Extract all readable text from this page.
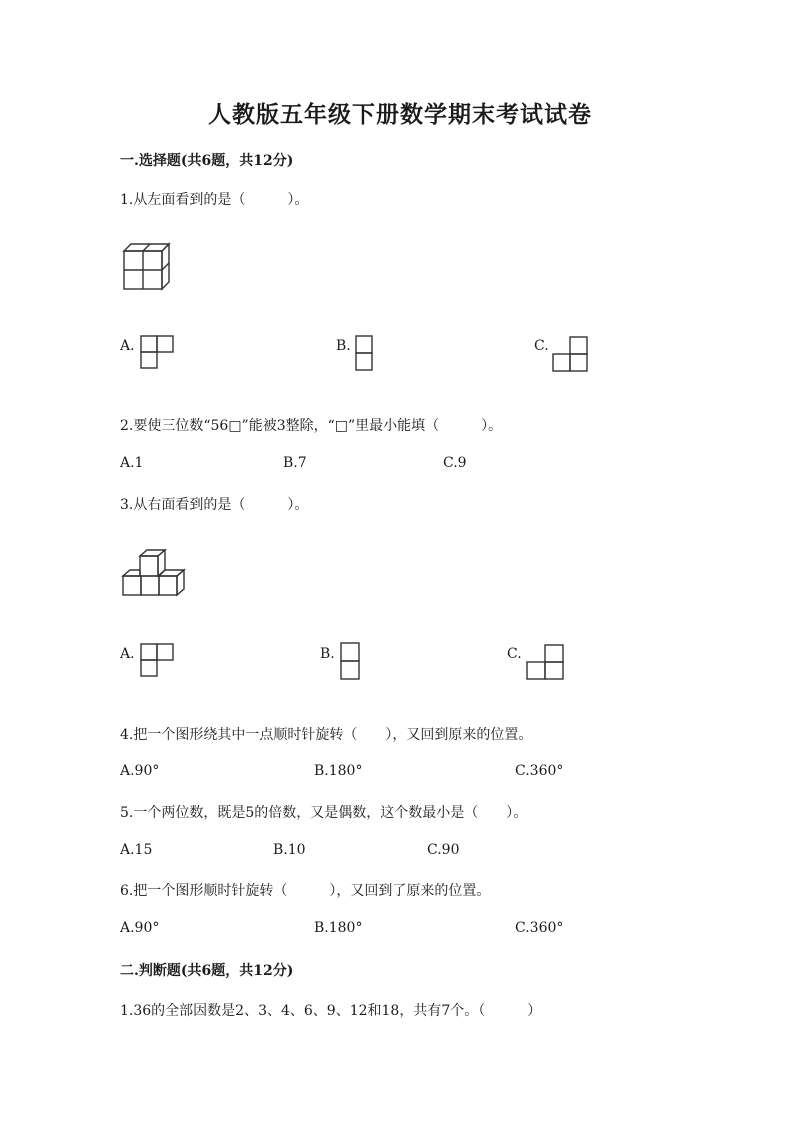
人教版五年级下册数学期末考试试卷
一.选择题(共6题，共12分)
1.从左面看到的是（　　　）。
A.	B.	C.
2.要使三位数“56□”能被3整除，“□”里最小能填（　　　）。
A.1	B.7	C.9
3.从右面看到的是（　　　）。
A.	B.	C.
4.把一个图形绕其中一点顺时针旋转（　　），又回到原来的位置。
A.90°	B.180°	C.360°
5.一个两位数，既是5的倍数，又是偶数，这个数最小是（　　）。
A.15	B.10	C.90
6.把一个图形顺时针旋转（　　　），又回到了原来的位置。
A.90°	B.180°	C.360°
二.判断题(共6题，共12分)
1.36的全部因数是2、3、4、6、9、12和18，共有7个。（　　　）
